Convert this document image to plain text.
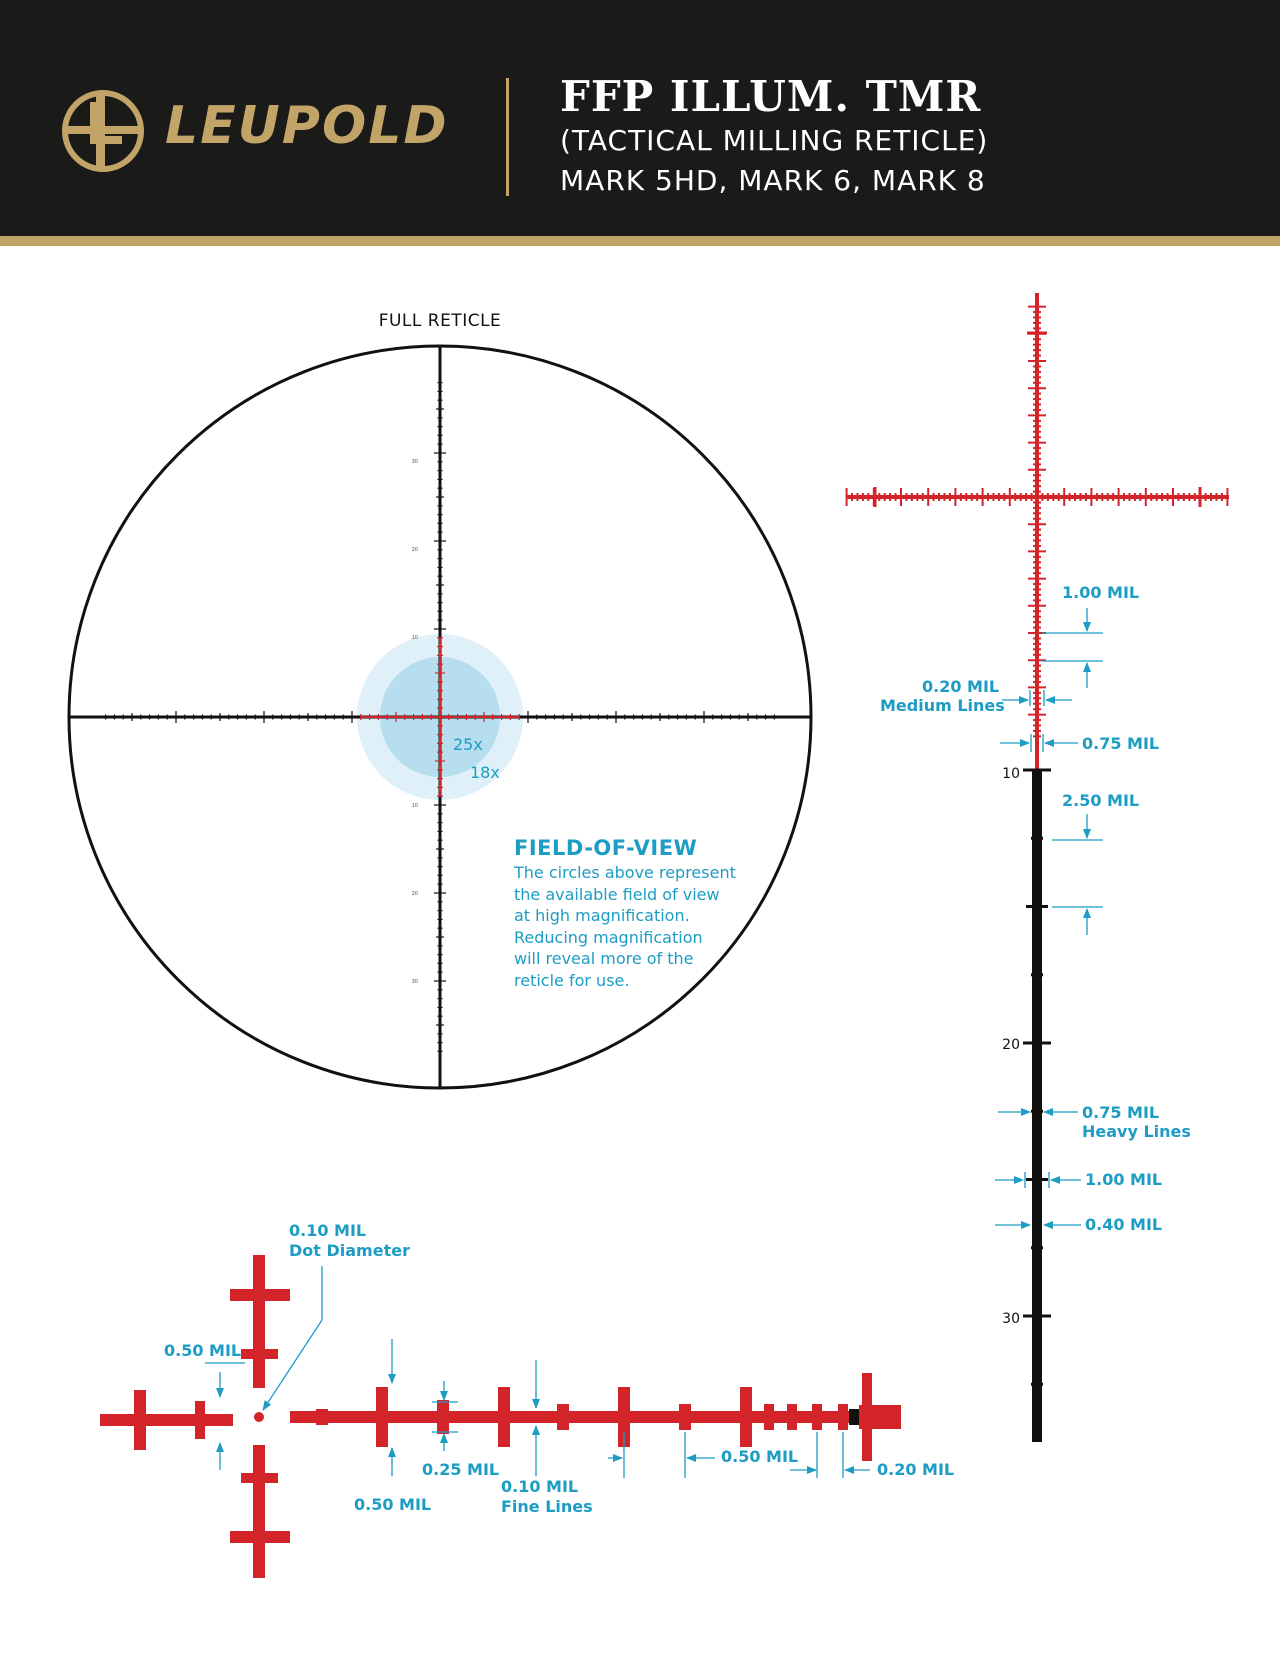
LEUPOLD	FFP ILLUM. TMR
(TACTICAL MILLING RETICLE)
MARK 5HD, MARK 6, MARK 8
FULL RETICLE
30
20
10
10
20
30
25x
18x	10
20
30
1.00 MIL
0.20 MIL
Medium Lines
0.75 MIL
2.50 MIL
0.75 MIL
Heavy Lines
1.00 MIL
0.40 MIL
0.10 MIL
Dot Diameter
0.50 MIL
0.50 MIL
0.25 MIL
0.10 MIL
Fine Lines
0.50 MIL
0.20 MIL
FIELD-OF-VIEW
The circles above represent
the available field of view
at high magnification.
Reducing magnification
will reveal more of the
reticle for use.
